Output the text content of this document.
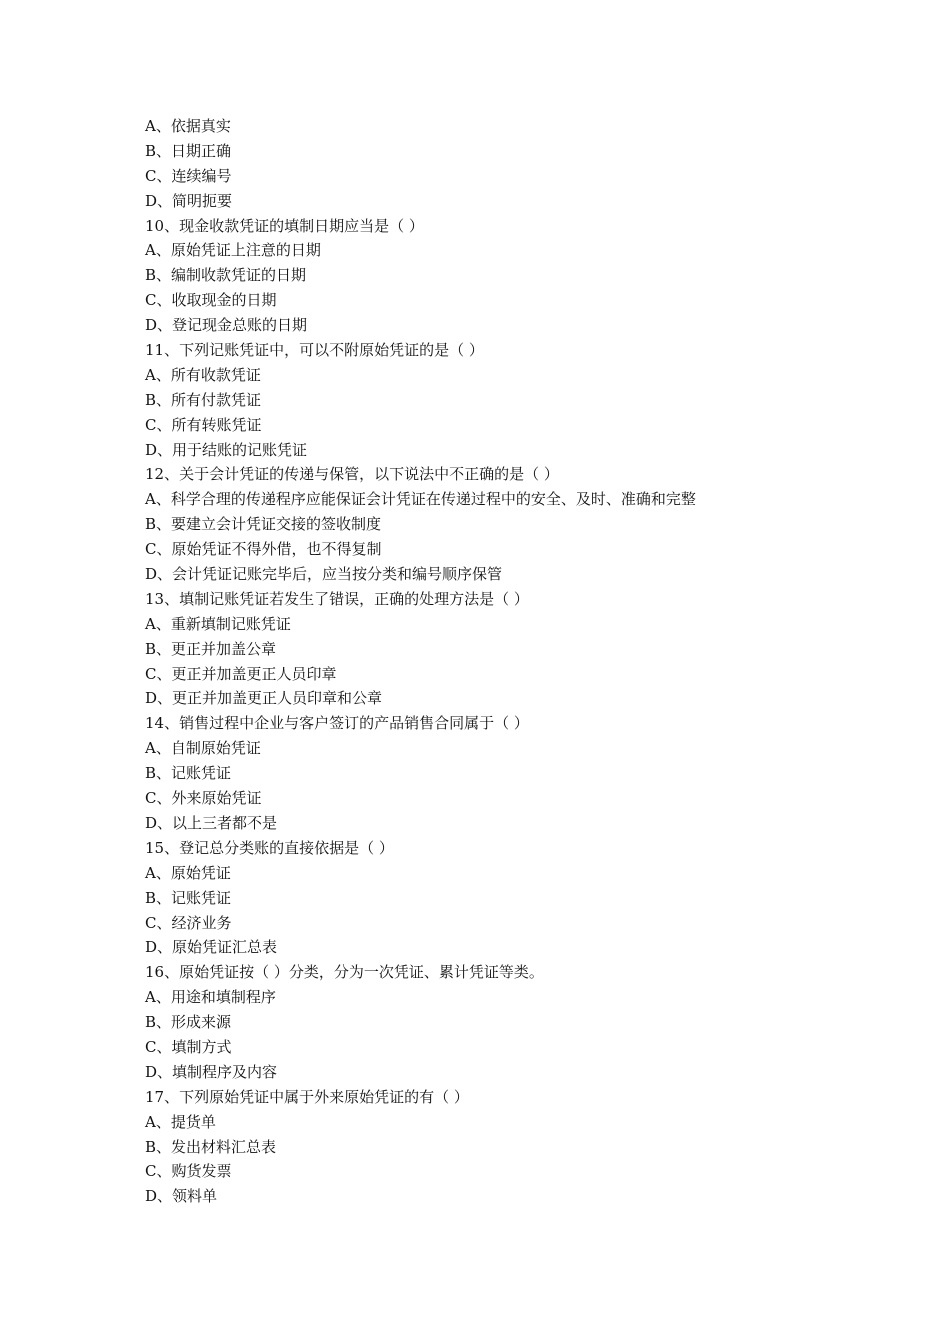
A、依据真实

B、日期正确

C、连续编号

D、简明扼要

10、现金收款凭证的填制日期应当是（ ）

A、原始凭证上注意的日期

B、编制收款凭证的日期

C、收取现金的日期

D、登记现金总账的日期

11、下列记账凭证中，可以不附原始凭证的是（ ）

A、所有收款凭证

B、所有付款凭证

C、所有转账凭证

D、用于结账的记账凭证

12、关于会计凭证的传递与保管，以下说法中不正确的是（ ）

A、科学合理的传递程序应能保证会计凭证在传递过程中的安全、及时、准确和完整

B、要建立会计凭证交接的签收制度

C、原始凭证不得外借，也不得复制

D、会计凭证记账完毕后，应当按分类和编号顺序保管

13、填制记账凭证若发生了错误，正确的处理方法是（ ）

A、重新填制记账凭证

B、更正并加盖公章

C、更正并加盖更正人员印章

D、更正并加盖更正人员印章和公章

14、销售过程中企业与客户签订的产品销售合同属于（ ）

A、自制原始凭证

B、记账凭证

C、外来原始凭证

D、以上三者都不是

15、登记总分类账的直接依据是（ ）

A、原始凭证

B、记账凭证

C、经济业务

D、原始凭证汇总表

16、原始凭证按（ ）分类，分为一次凭证、累计凭证等类。

A、用途和填制程序

B、形成来源

C、填制方式

D、填制程序及内容

17、下列原始凭证中属于外来原始凭证的有（ ）

A、提货单

B、发出材料汇总表

C、购货发票

D、领料单
